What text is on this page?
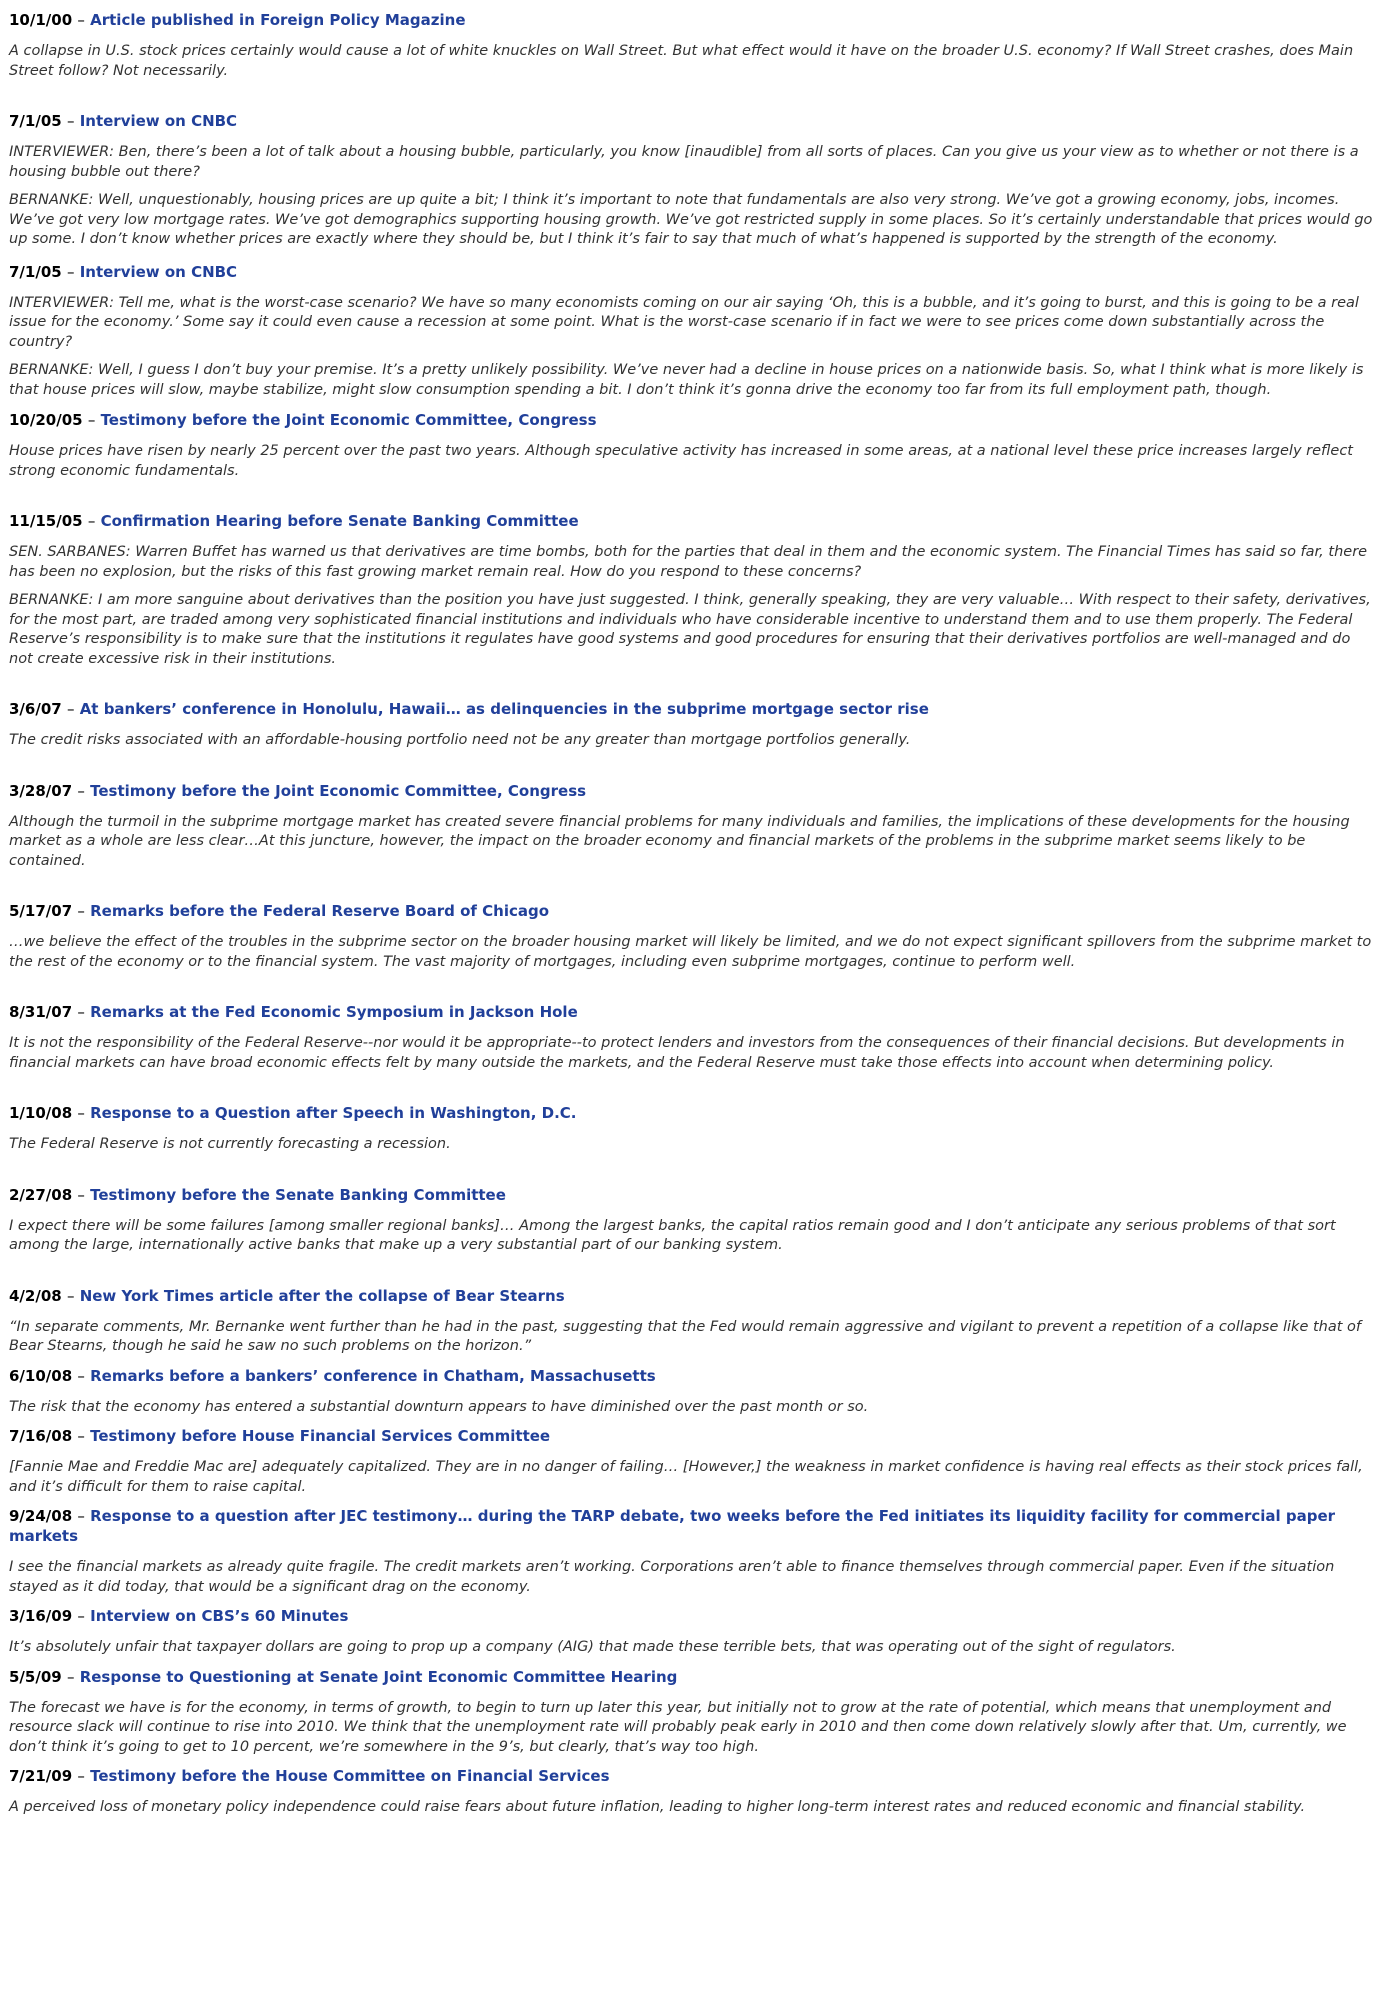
10/1/00 – Article published in Foreign Policy Magazine

A collapse in U.S. stock prices certainly would cause a lot of white knuckles on Wall Street. But what effect would it have on the broader U.S. economy? If Wall Street crashes, does Main Street follow? Not necessarily.

7/1/05 – Interview on CNBC

INTERVIEWER: Ben, there’s been a lot of talk about a housing bubble, particularly, you know [inaudible] from all sorts of places. Can you give us your view as to whether or not there is a housing bubble out there?

BERNANKE: Well, unquestionably, housing prices are up quite a bit; I think it’s important to note that fundamentals are also very strong. We’ve got a growing economy, jobs, incomes. We’ve got very low mortgage rates. We’ve got demographics supporting housing growth. We’ve got restricted supply in some places. So it’s certainly understandable that prices would go up some. I don’t know whether prices are exactly where they should be, but I think it’s fair to say that much of what’s happened is supported by the strength of the economy.

7/1/05 – Interview on CNBC

INTERVIEWER: Tell me, what is the worst-case scenario? We have so many economists coming on our air saying ‘Oh, this is a bubble, and it’s going to burst, and this is going to be a real issue for the economy.’ Some say it could even cause a recession at some point. What is the worst-case scenario if in fact we were to see prices come down substantially across the country?

BERNANKE: Well, I guess I don’t buy your premise. It’s a pretty unlikely possibility. We’ve never had a decline in house prices on a nationwide basis. So, what I think what is more likely is that house prices will slow, maybe stabilize, might slow consumption spending a bit. I don’t think it’s gonna drive the economy too far from its full employment path, though.

10/20/05 – Testimony before the Joint Economic Committee, Congress

House prices have risen by nearly 25 percent over the past two years. Although speculative activity has increased in some areas, at a national level these price increases largely reflect strong economic fundamentals.

11/15/05 – Confirmation Hearing before Senate Banking Committee

SEN. SARBANES: Warren Buffet has warned us that derivatives are time bombs, both for the parties that deal in them and the economic system. The Financial Times has said so far, there has been no explosion, but the risks of this fast growing market remain real. How do you respond to these concerns?

BERNANKE: I am more sanguine about derivatives than the position you have just suggested. I think, generally speaking, they are very valuable… With respect to their safety, derivatives, for the most part, are traded among very sophisticated financial institutions and individuals who have considerable incentive to understand them and to use them properly. The Federal Reserve’s responsibility is to make sure that the institutions it regulates have good systems and good procedures for ensuring that their derivatives portfolios are well-managed and do not create excessive risk in their institutions.

3/6/07 – At bankers’ conference in Honolulu, Hawaii… as delinquencies in the subprime mortgage sector rise

The credit risks associated with an affordable-housing portfolio need not be any greater than mortgage portfolios generally.

3/28/07 – Testimony before the Joint Economic Committee, Congress

Although the turmoil in the subprime mortgage market has created severe financial problems for many individuals and families, the implications of these developments for the housing market as a whole are less clear…At this juncture, however, the impact on the broader economy and financial markets of the problems in the subprime market seems likely to be contained.

5/17/07 – Remarks before the Federal Reserve Board of Chicago

…we believe the effect of the troubles in the subprime sector on the broader housing market will likely be limited, and we do not expect significant spillovers from the subprime market to the rest of the economy or to the financial system. The vast majority of mortgages, including even subprime mortgages, continue to perform well.

8/31/07 – Remarks at the Fed Economic Symposium in Jackson Hole

It is not the responsibility of the Federal Reserve--nor would it be appropriate--to protect lenders and investors from the consequences of their financial decisions. But developments in financial markets can have broad economic effects felt by many outside the markets, and the Federal Reserve must take those effects into account when determining policy.

1/10/08 – Response to a Question after Speech in Washington, D.C.

The Federal Reserve is not currently forecasting a recession.

2/27/08 – Testimony before the Senate Banking Committee

I expect there will be some failures [among smaller regional banks]… Among the largest banks, the capital ratios remain good and I don’t anticipate any serious problems of that sort among the large, internationally active banks that make up a very substantial part of our banking system.

4/2/08 – New York Times article after the collapse of Bear Stearns

“In separate comments, Mr. Bernanke went further than he had in the past, suggesting that the Fed would remain aggressive and vigilant to prevent a repetition of a collapse like that of Bear Stearns, though he said he saw no such problems on the horizon.”

6/10/08 – Remarks before a bankers’ conference in Chatham, Massachusetts

The risk that the economy has entered a substantial downturn appears to have diminished over the past month or so.

7/16/08 – Testimony before House Financial Services Committee

[Fannie Mae and Freddie Mac are] adequately capitalized. They are in no danger of failing… [However,] the weakness in market confidence is having real effects as their stock prices fall, and it’s difficult for them to raise capital.

9/24/08 – Response to a question after JEC testimony… during the TARP debate, two weeks before the Fed initiates its liquidity facility for commercial paper markets

I see the financial markets as already quite fragile. The credit markets aren’t working. Corporations aren’t able to finance themselves through commercial paper. Even if the situation stayed as it did today, that would be a significant drag on the economy.

3/16/09 – Interview on CBS’s 60 Minutes

It’s absolutely unfair that taxpayer dollars are going to prop up a company (AIG) that made these terrible bets, that was operating out of the sight of regulators.

5/5/09 – Response to Questioning at Senate Joint Economic Committee Hearing

The forecast we have is for the economy, in terms of growth, to begin to turn up later this year, but initially not to grow at the rate of potential, which means that unemployment and resource slack will continue to rise into 2010. We think that the unemployment rate will probably peak early in 2010 and then come down relatively slowly after that. Um, currently, we don’t think it’s going to get to 10 percent, we’re somewhere in the 9’s, but clearly, that’s way too high.

7/21/09 – Testimony before the House Committee on Financial Services

A perceived loss of monetary policy independence could raise fears about future inflation, leading to higher long-term interest rates and reduced economic and financial stability.
